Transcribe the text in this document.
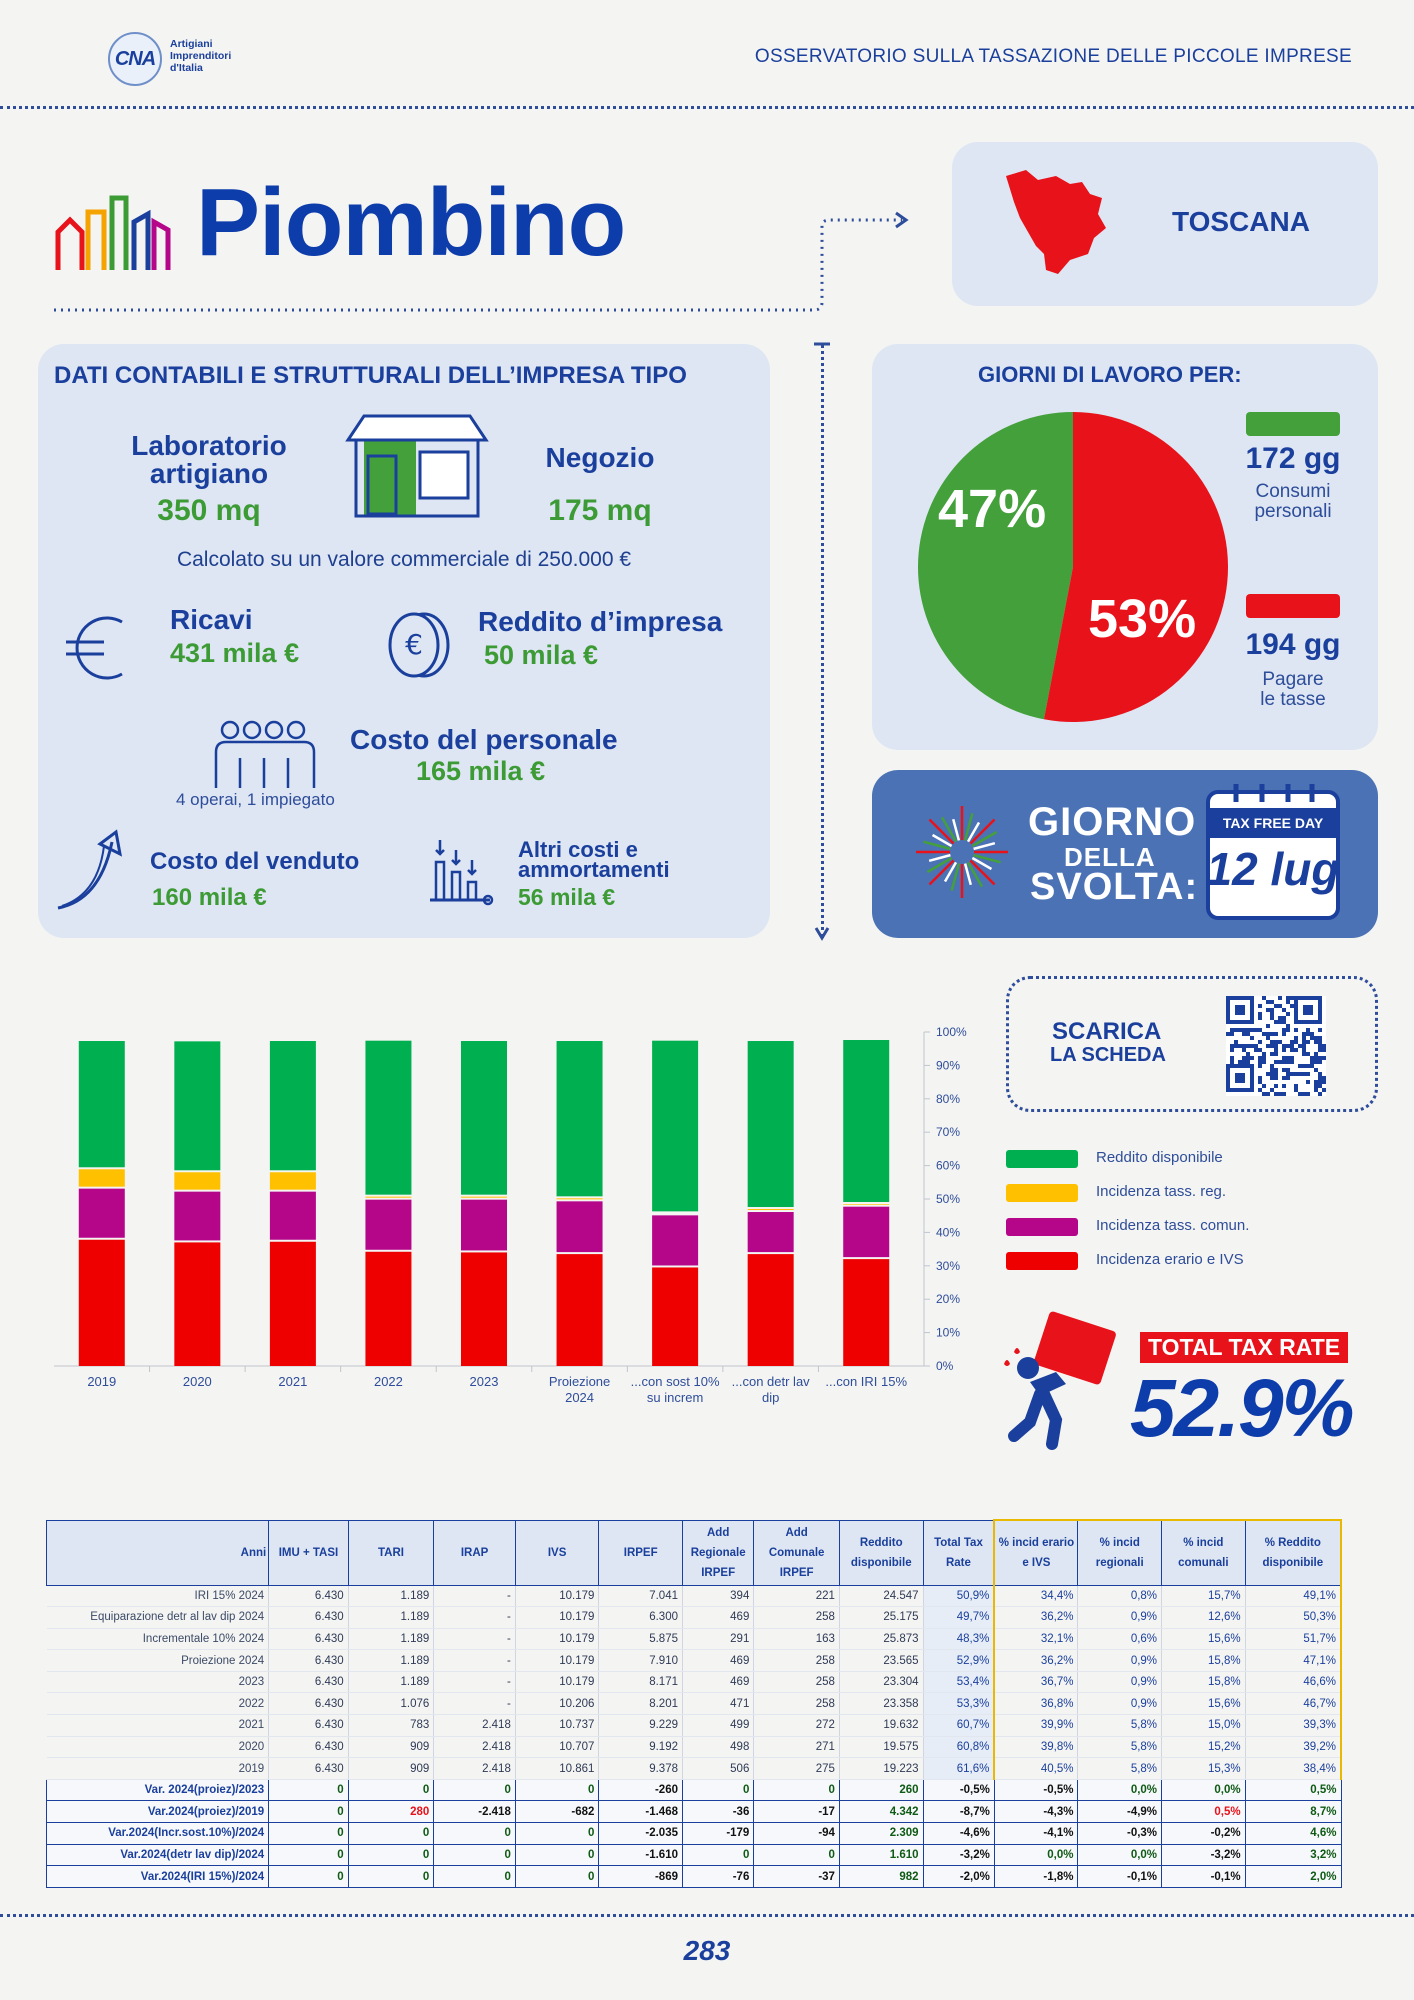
CNA
Artigiani
Imprenditori
d'Italia
OSSERVATORIO SULLA TASSAZIONE DELLE PICCOLE IMPRESE
Piombino	TOSCANA
DATI CONTABILI E STRUTTURALI DELL’IMPRESA TIPO
Laboratorio
artigiano
350 mq
Negozio
175 mq
Calcolato su un valore commerciale di 250.000 €
Ricavi
431 mila €	€
Reddito d’impresa
50 mila €
4 operai, 1 impiegato
Costo del personale
165 mila €
Costo del venduto
160 mila €
Altri costi e
ammortamenti
56 mila €
GIORNI DI LAVORO PER:
47%
53%
172 gg
Consumi
personali
194 gg
Pagare
le tasse
GIORNO
DELLA
SVOLTA:
TAX FREE DAY
12 lug
SCARICA
LA SCHEDA
Reddito disponibile
Incidenza tass. reg.
Incidenza tass. comun.
Incidenza erario e IVS
TOTAL TAX RATE
52.9%
0%
10%
20%
30%
40%
50%
60%
70%
80%
90%
100%
2019	2020	2021	2022	2023	Proiezione
2024
...con sost 10%
su increm
...con detr lav
dip
...con IRI 15%
Anni	IMU + TASI	TARI	IRAP	IVS	IRPEF	Add Regionale IRPEF	Add Comunale IRPEF	Reddito disponibile	Total Tax Rate	% incid erario e IVS	% incid regionali	% incid comunali	% Reddito disponibile
IRI 15% 2024	6.430	1.189	-	10.179	7.041	394	221	24.547	50,9%	34,4%	0,8%	15,7%	49,1%
Equiparazione detr al lav dip 2024	6.430	1.189	-	10.179	6.300	469	258	25.175	49,7%	36,2%	0,9%	12,6%	50,3%
Incrementale 10% 2024	6.430	1.189	-	10.179	5.875	291	163	25.873	48,3%	32,1%	0,6%	15,6%	51,7%
Proiezione 2024	6.430	1.189	-	10.179	7.910	469	258	23.565	52,9%	36,2%	0,9%	15,8%	47,1%
2023	6.430	1.189	-	10.179	8.171	469	258	23.304	53,4%	36,7%	0,9%	15,8%	46,6%
2022	6.430	1.076	-	10.206	8.201	471	258	23.358	53,3%	36,8%	0,9%	15,6%	46,7%
2021	6.430	783	2.418	10.737	9.229	499	272	19.632	60,7%	39,9%	5,8%	15,0%	39,3%
2020	6.430	909	2.418	10.707	9.192	498	271	19.575	60,8%	39,8%	5,8%	15,2%	39,2%
2019	6.430	909	2.418	10.861	9.378	506	275	19.223	61,6%	40,5%	5,8%	15,3%	38,4%
Var. 2024(proiez)/2023	0	0	0	0	-260	0	0	260	-0,5%	-0,5%	0,0%	0,0%	0,5%
Var.2024(proiez)/2019	0	280	-2.418	-682	-1.468	-36	-17	4.342	-8,7%	-4,3%	-4,9%	0,5%	8,7%
Var.2024(Incr.sost.10%)/2024	0	0	0	0	-2.035	-179	-94	2.309	-4,6%	-4,1%	-0,3%	-0,2%	4,6%
Var.2024(detr lav dip)/2024	0	0	0	0	-1.610	0	0	1.610	-3,2%	0,0%	0,0%	-3,2%	3,2%
Var.2024(IRI 15%)/2024	0	0	0	0	-869	-76	-37	982	-2,0%	-1,8%	-0,1%	-0,1%	2,0%
283
